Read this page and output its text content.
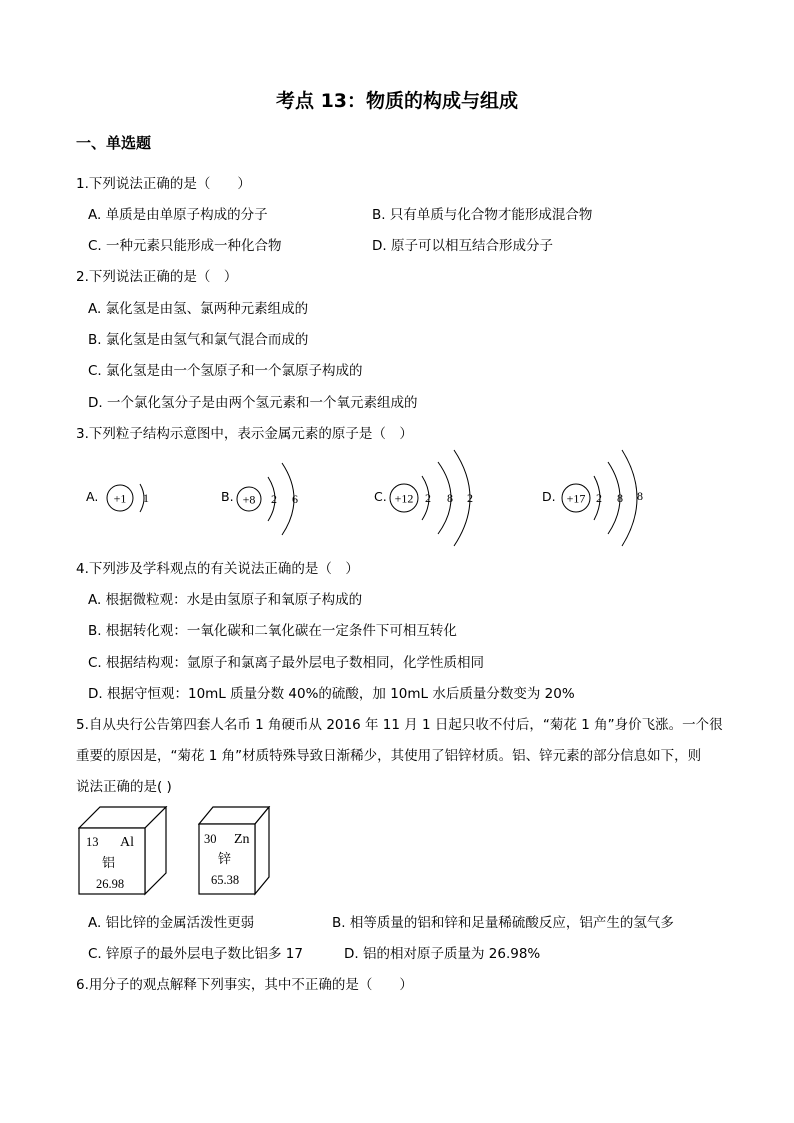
考点 13：物质的构成与组成
一、单选题
1.下列说法正确的是（　　）
A. 单质是由单原子构成的分子	B. 只有单质与化合物才能形成混合物
C. 一种元素只能形成一种化合物	D. 原子可以相互结合形成分子
2.下列说法正确的是（　）
A. 氯化氢是由氢、氯两种元素组成的
B. 氯化氢是由氢气和氯气混合而成的
C. 氯化氢是由一个氢原子和一个氯原子构成的
D. 一个氯化氢分子是由两个氢元素和一个氧元素组成的
3.下列粒子结构示意图中，表示金属元素的原子是（　）
A. +1 1	B. +8 2 6	C. +12 2 8 2	D. +17 2 8 8
4.下列涉及学科观点的有关说法正确的是（　）
A. 根据微粒观：水是由氢原子和氧原子构成的
B. 根据转化观：一氧化碳和二氧化碳在一定条件下可相互转化
C. 根据结构观：氩原子和氯离子最外层电子数相同，化学性质相同
D. 根据守恒观：10mL 质量分数 40%的硫酸，加 10mL 水后质量分数变为 20%
5.自从央行公告第四套人名币 1 角硬币从 2016 年 11 月 1 日起只收不付后，“菊花 1 角”身价飞涨。一个很
重要的原因是，“菊花 1 角”材质特殊导致日渐稀少，其使用了铝锌材质。铝、锌元素的部分信息如下，则
说法正确的是( )
13 Al
铝
26.98
30 Zn
锌
65.38
A. 铝比锌的金属活泼性更弱	B. 相等质量的铝和锌和足量稀硫酸反应，铝产生的氢气多
C. 锌原子的最外层电子数比铝多 17	D. 铝的相对原子质量为 26.98%
6.用分子的观点解释下列事实，其中不正确的是（　　）
